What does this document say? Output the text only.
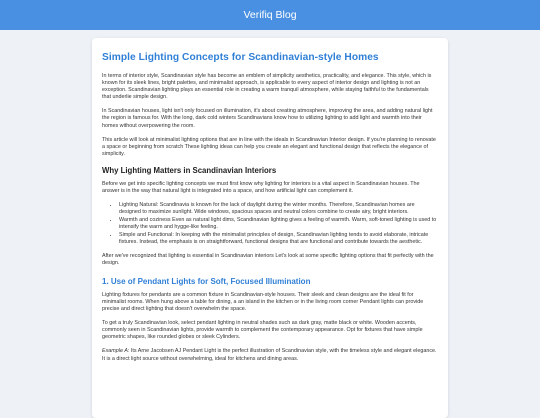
Verifiq Blog
Simple Lighting Concepts for Scandinavian-style Homes

In terms of interior style, Scandinavian style has become an emblem of simplicity aesthetics, practicality, and elegance. This style, which is known for its sleek lines, bright palettes, and minimalist approach, is applicable to every aspect of interior design and lighting is not an exception. Scandinavian lighting plays an essential role in creating a warm tranquil atmosphere, while staying faithful to the fundamentals that underlie simple design.

In Scandinavian houses, light isn't only focused on illumination, it's about creating atmosphere, improving the area, and adding natural light the region is famous for. With the long, dark cold winters Scandinavians know how to utilizing lighting to add light and warmth into their homes without overpowering the room.

This article will look at minimalist lighting options that are in line with the ideals in Scandinavian Interior design. If you're planning to renovate a space or beginning from scratch These lighting ideas can help you create an elegant and functional design that reflects the elegance of simplicity.

Why Lighting Matters in Scandinavian Interiors

Before we get into specific lighting concepts we must first know why lighting for interiors is a vital aspect in Scandinavian houses. The answer is in the way that natural light is integrated into a space, and how artificial light can complement it.

• Lighting Natural: Scandinavia is known for the lack of daylight during the winter months. Therefore, Scandinavian homes are designed to maximize sunlight. Wide windows, spacious spaces and neutral colors combine to create airy, bright interiors.
• Warmth and coziness Even as natural light dims, Scandinavian lighting gives a feeling of warmth. Warm, soft-toned lighting is used to intensify the warm and hygge-like feeling.
• Simple and Functional: In keeping with the minimalist principles of design, Scandinavian lighting tends to avoid elaborate, intricate fixtures. Instead, the emphasis is on straightforward, functional designs that are functional and contribute towards the aesthetic.

After we've recognized that lighting is essential in Scandinavian interiors Let's look at some specific lighting options that fit perfectly with the design.

1. Use of Pendant Lights for Soft, Focused Illumination

Lighting fixtures for pendants are a common fixture in Scandinavian-style houses. Their sleek and clean designs are the ideal fit for minimalist rooms. When hung above a table for dining, a an island in the kitchen or in the living room corner Pendant lights can provide precise and direct lighting that doesn't overwhelm the space.

To get a truly Scandinavian look, select pendant lighting in neutral shades such as dark gray, matte black or white. Wooden accents, commonly seen in Scandinavian lights, provide warmth to complement the contemporary appearance. Opt for fixtures that have simple geometric shapes, like rounded globes or sleek Cylinders.

Example A: Its Arne Jacobsen AJ Pendant Light is the perfect illustration of Scandinavian style, with the timeless style and elegant elegance. It is a direct light source without overwhelming, ideal for kitchens and dining areas.
